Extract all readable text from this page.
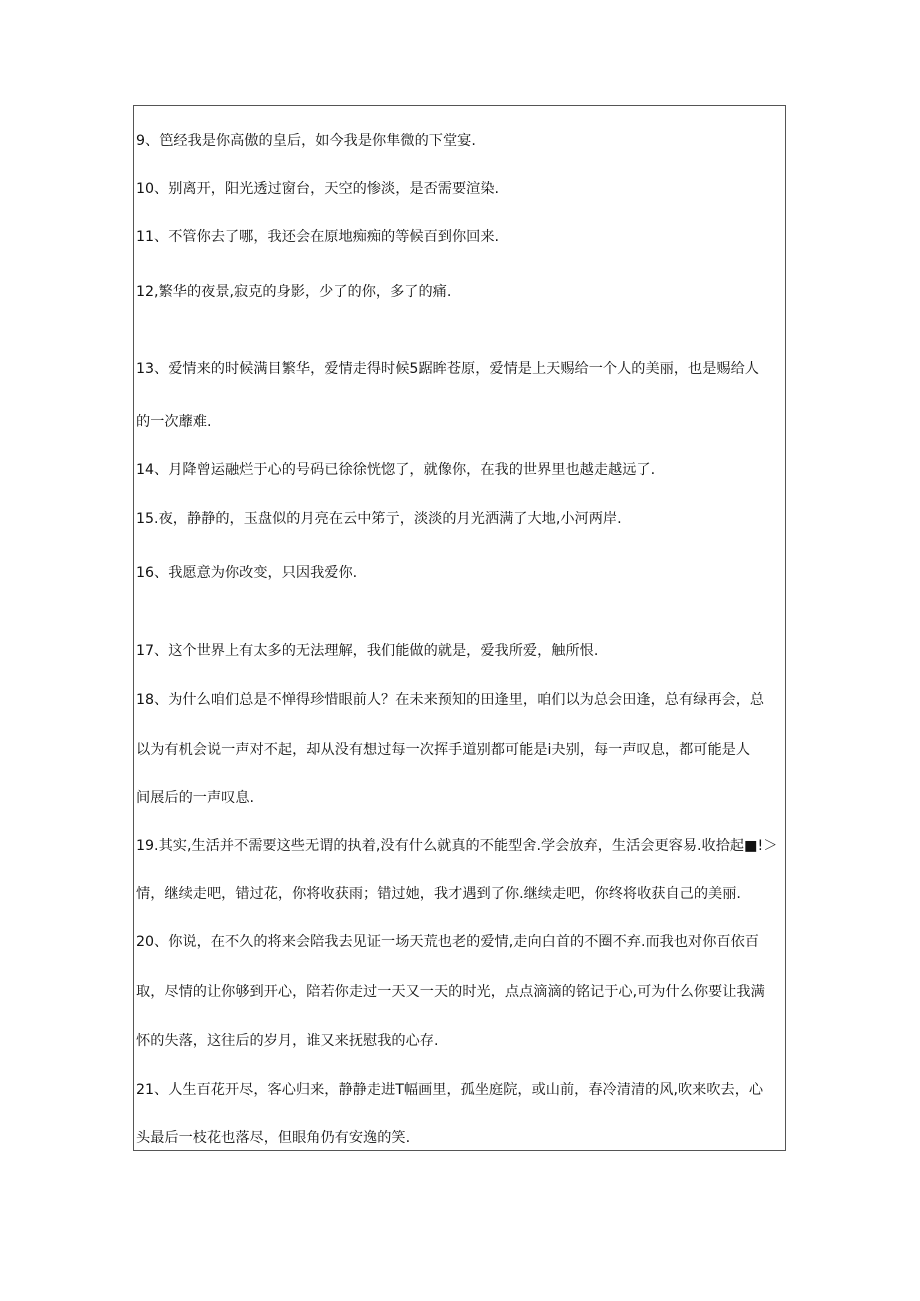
9、笆经我是你高傲的皇后，如今我是你隼微的下堂宴.
10、别离开，阳光透过窗台，天空的惨淡，是否需要渲染.
11、不管你去了哪，我还会在原地痴痴的等候百到你回来.
12,繁华的夜景,寂克的身影，少了的你，多了的痛.
13、爱情来的时候满目繁华，爱情走得时候5踞眸苍原，爱情是上天赐给一个人的美丽，也是赐给人
的一次蘼难.
14、月降曾运融烂于心的号码已徐徐恍惚了，就像你，在我的世界里也越走越远了.
15.夜，静静的，玉盘似的月亮在云中笫亍，淡淡的月光洒满了大地,小河两岸.
16、我愿意为你改变，只因我爱你.
17、这个世界上有太多的无法理解，我们能做的就是，爱我所爱，触所恨.
18、为什么咱们总是不惮得珍惜眼前人？在未来预知的田逢里，咱们以为总会田逢，总有绿再会，总
以为有机会说一声对不起，却从没有想过每一次挥手道别都可能是i夬别，每一声叹息，都可能是人
间展后的一声叹息.
19.其实,生活并不需要这些无谓的执着,没有什么就真的不能型舍.学会放弃，生活会更容易.收拾起■!＞
情，继续走吧，错过花，你将收获雨；错过她，我才遇到了你.继续走吧，你终将收获自己的美丽.
20、你说，在不久的将来会陪我去见证一场天荒也老的爱情,走向白首的不圈不弃.而我也对你百依百
取，尽情的让你够到开心，陪若你走过一天又一天的时光，点点滴滴的铭记于心,可为什么你要让我满
怀的失落，这往后的岁月，谁又来抚慰我的心存.
21、人生百花开尽，客心归来，静静走进T幅画里，孤坐庭院，或山前，春冷清清的风,吹来吹去，心
头最后一枝花也落尽，但眼角仍有安逸的笑.
